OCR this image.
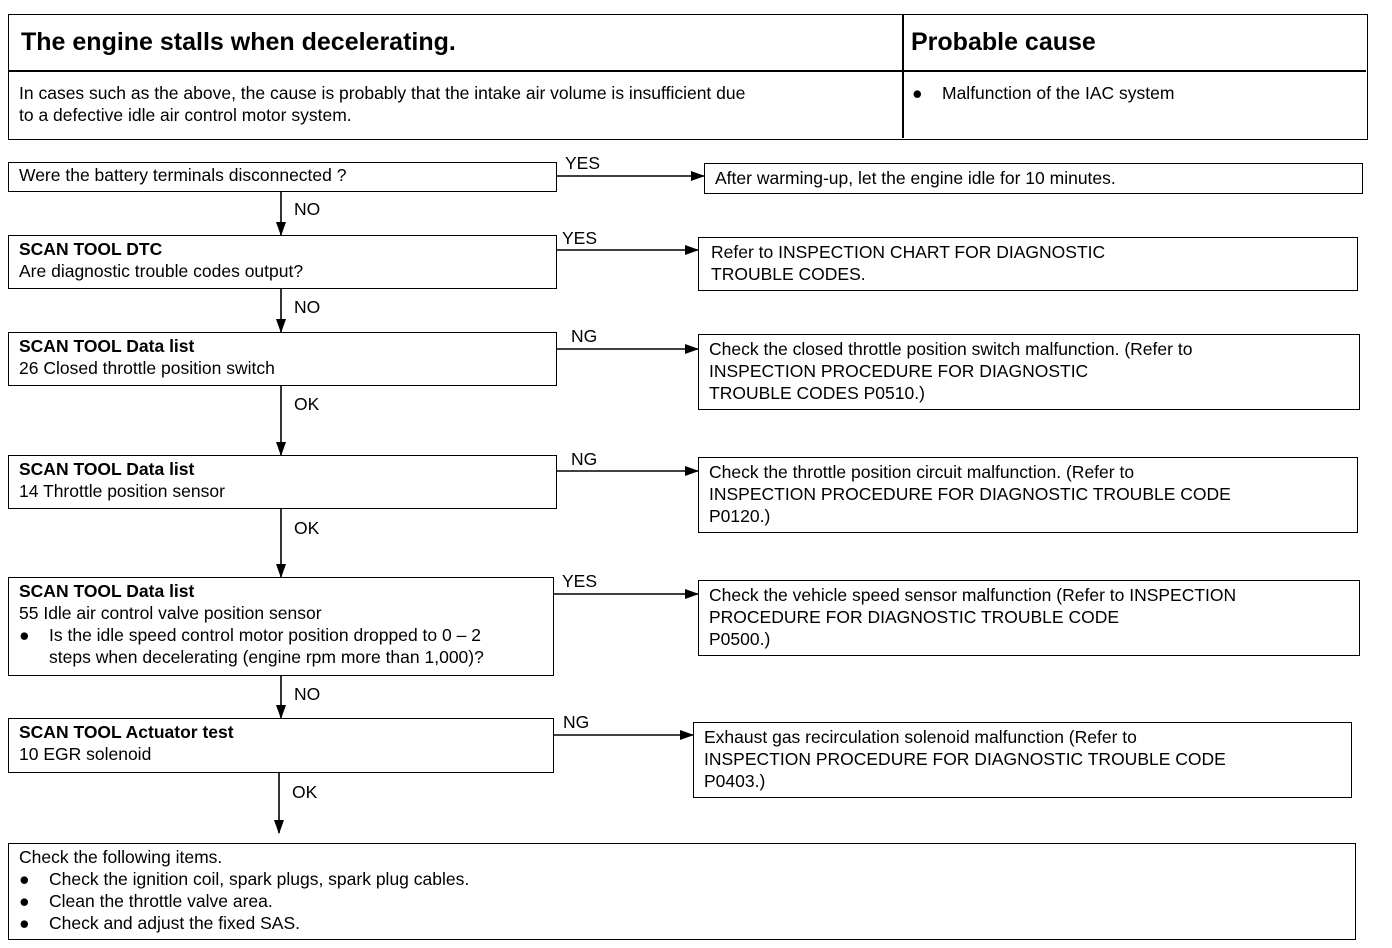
The engine stalls when decelerating.	Probable cause
In cases such as the above, the cause is probably that the intake air volume is insufficient due
to a defective idle air control motor system.
●	Malfunction of the IAC system
Were the battery terminals disconnected ?
YES
NO
After warming-up, let the engine idle for 10 minutes.
SCAN TOOL DTC
Are diagnostic trouble codes output?
YES
NO
Refer to INSPECTION CHART FOR DIAGNOSTIC
TROUBLE CODES.
SCAN TOOL Data list
26 Closed throttle position switch
NG
OK
Check the closed throttle position switch malfunction. (Refer to
INSPECTION PROCEDURE FOR DIAGNOSTIC
TROUBLE CODES P0510.)
SCAN TOOL Data list
14 Throttle position sensor
NG
OK
Check the throttle position circuit malfunction. (Refer to
INSPECTION PROCEDURE FOR DIAGNOSTIC TROUBLE CODE
P0120.)
SCAN TOOL Data list
55 Idle air control valve position sensor
●	Is the idle speed control motor position dropped to 0 – 2
steps when decelerating (engine rpm more than 1,000)?
YES
NO
Check the vehicle speed sensor malfunction (Refer to INSPECTION
PROCEDURE FOR DIAGNOSTIC TROUBLE CODE
P0500.)
SCAN TOOL Actuator test
10 EGR solenoid
NG
OK
Exhaust gas recirculation solenoid malfunction (Refer to
INSPECTION PROCEDURE FOR DIAGNOSTIC TROUBLE CODE
P0403.)
Check the following items.
●	Check the ignition coil, spark plugs, spark plug cables.
●	Clean the throttle valve area.
●	Check and adjust the fixed SAS.
